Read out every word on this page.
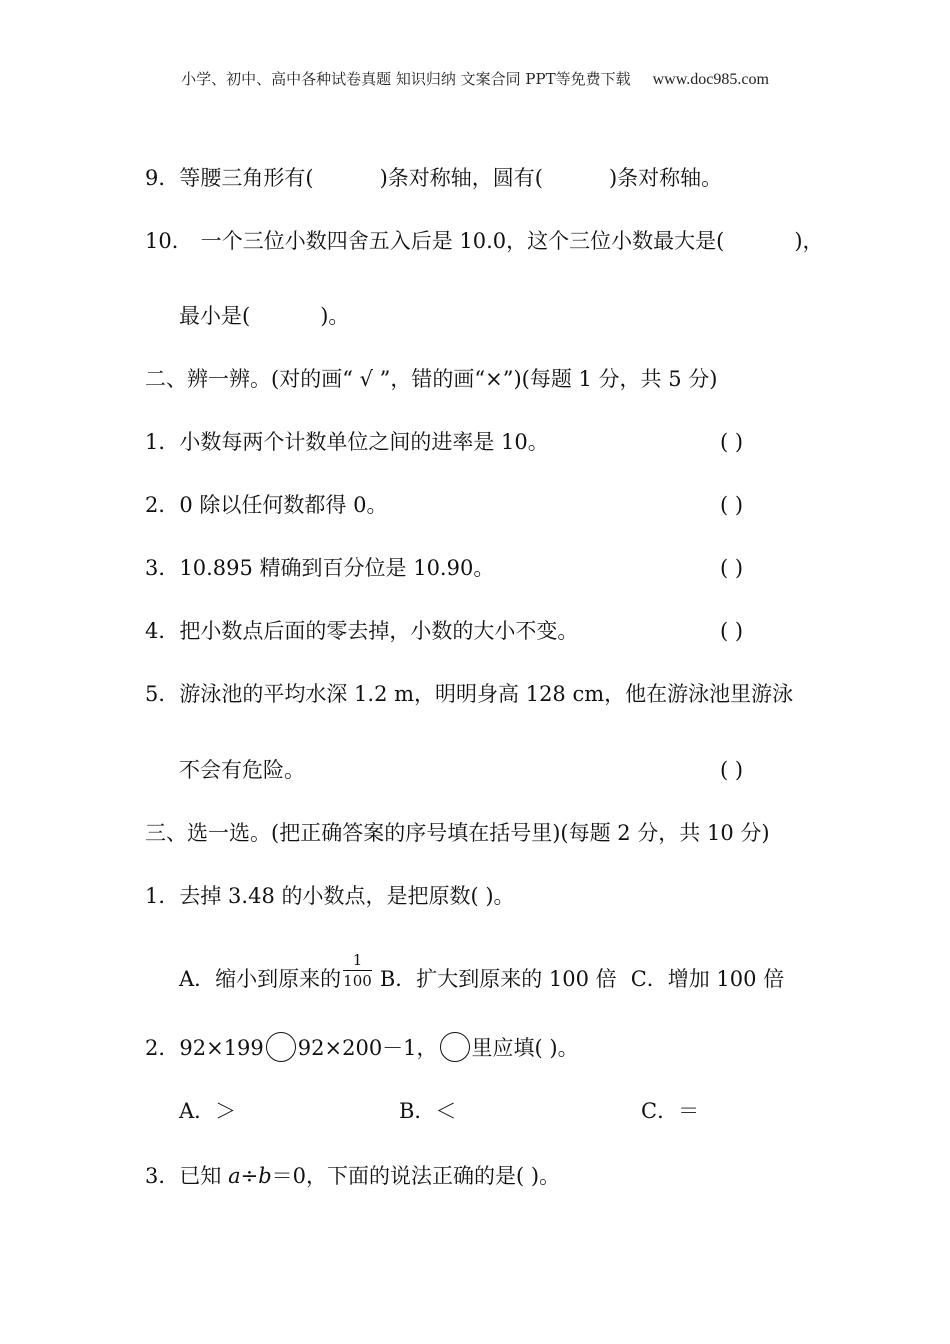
小学、初中、高中各种试卷真题 知识归纳 文案合同 PPT等免费下载 www.doc985.com
9．等腰三角形有(	)条对称轴，圆有(	)条对称轴。
10． 一个三位小数四舍五入后是 10.0，这个三位小数最大是(	)，
最小是(	)。
二、辨一辨。(对的画“ √ ”，错的画“×”)(每题 1 分，共 5 分)
1．小数每两个计数单位之间的进率是 10。	( )
2．0 除以任何数都得 0。	( )
3．10.895 精确到百分位是 10.90。	( )
4．把小数点后面的零去掉，小数的大小不变。	( )
5．游泳池的平均水深 1.2 m，明明身高 128 cm，他在游泳池里游泳
不会有危险。	( )
三、选一选。(把正确答案的序号填在括号里)(每题 2 分，共 10 分)
1．去掉 3.48 的小数点，是把原数( )。
A．缩小到原来的 $\frac{1}{100}$ B．扩大到原来的 100 倍 C．增加 100 倍
2．92×199 92×200－1， 里应填( )。
A．＞	B．＜	C．＝
3．已知 a÷b＝0，下面的说法正确的是( )。
